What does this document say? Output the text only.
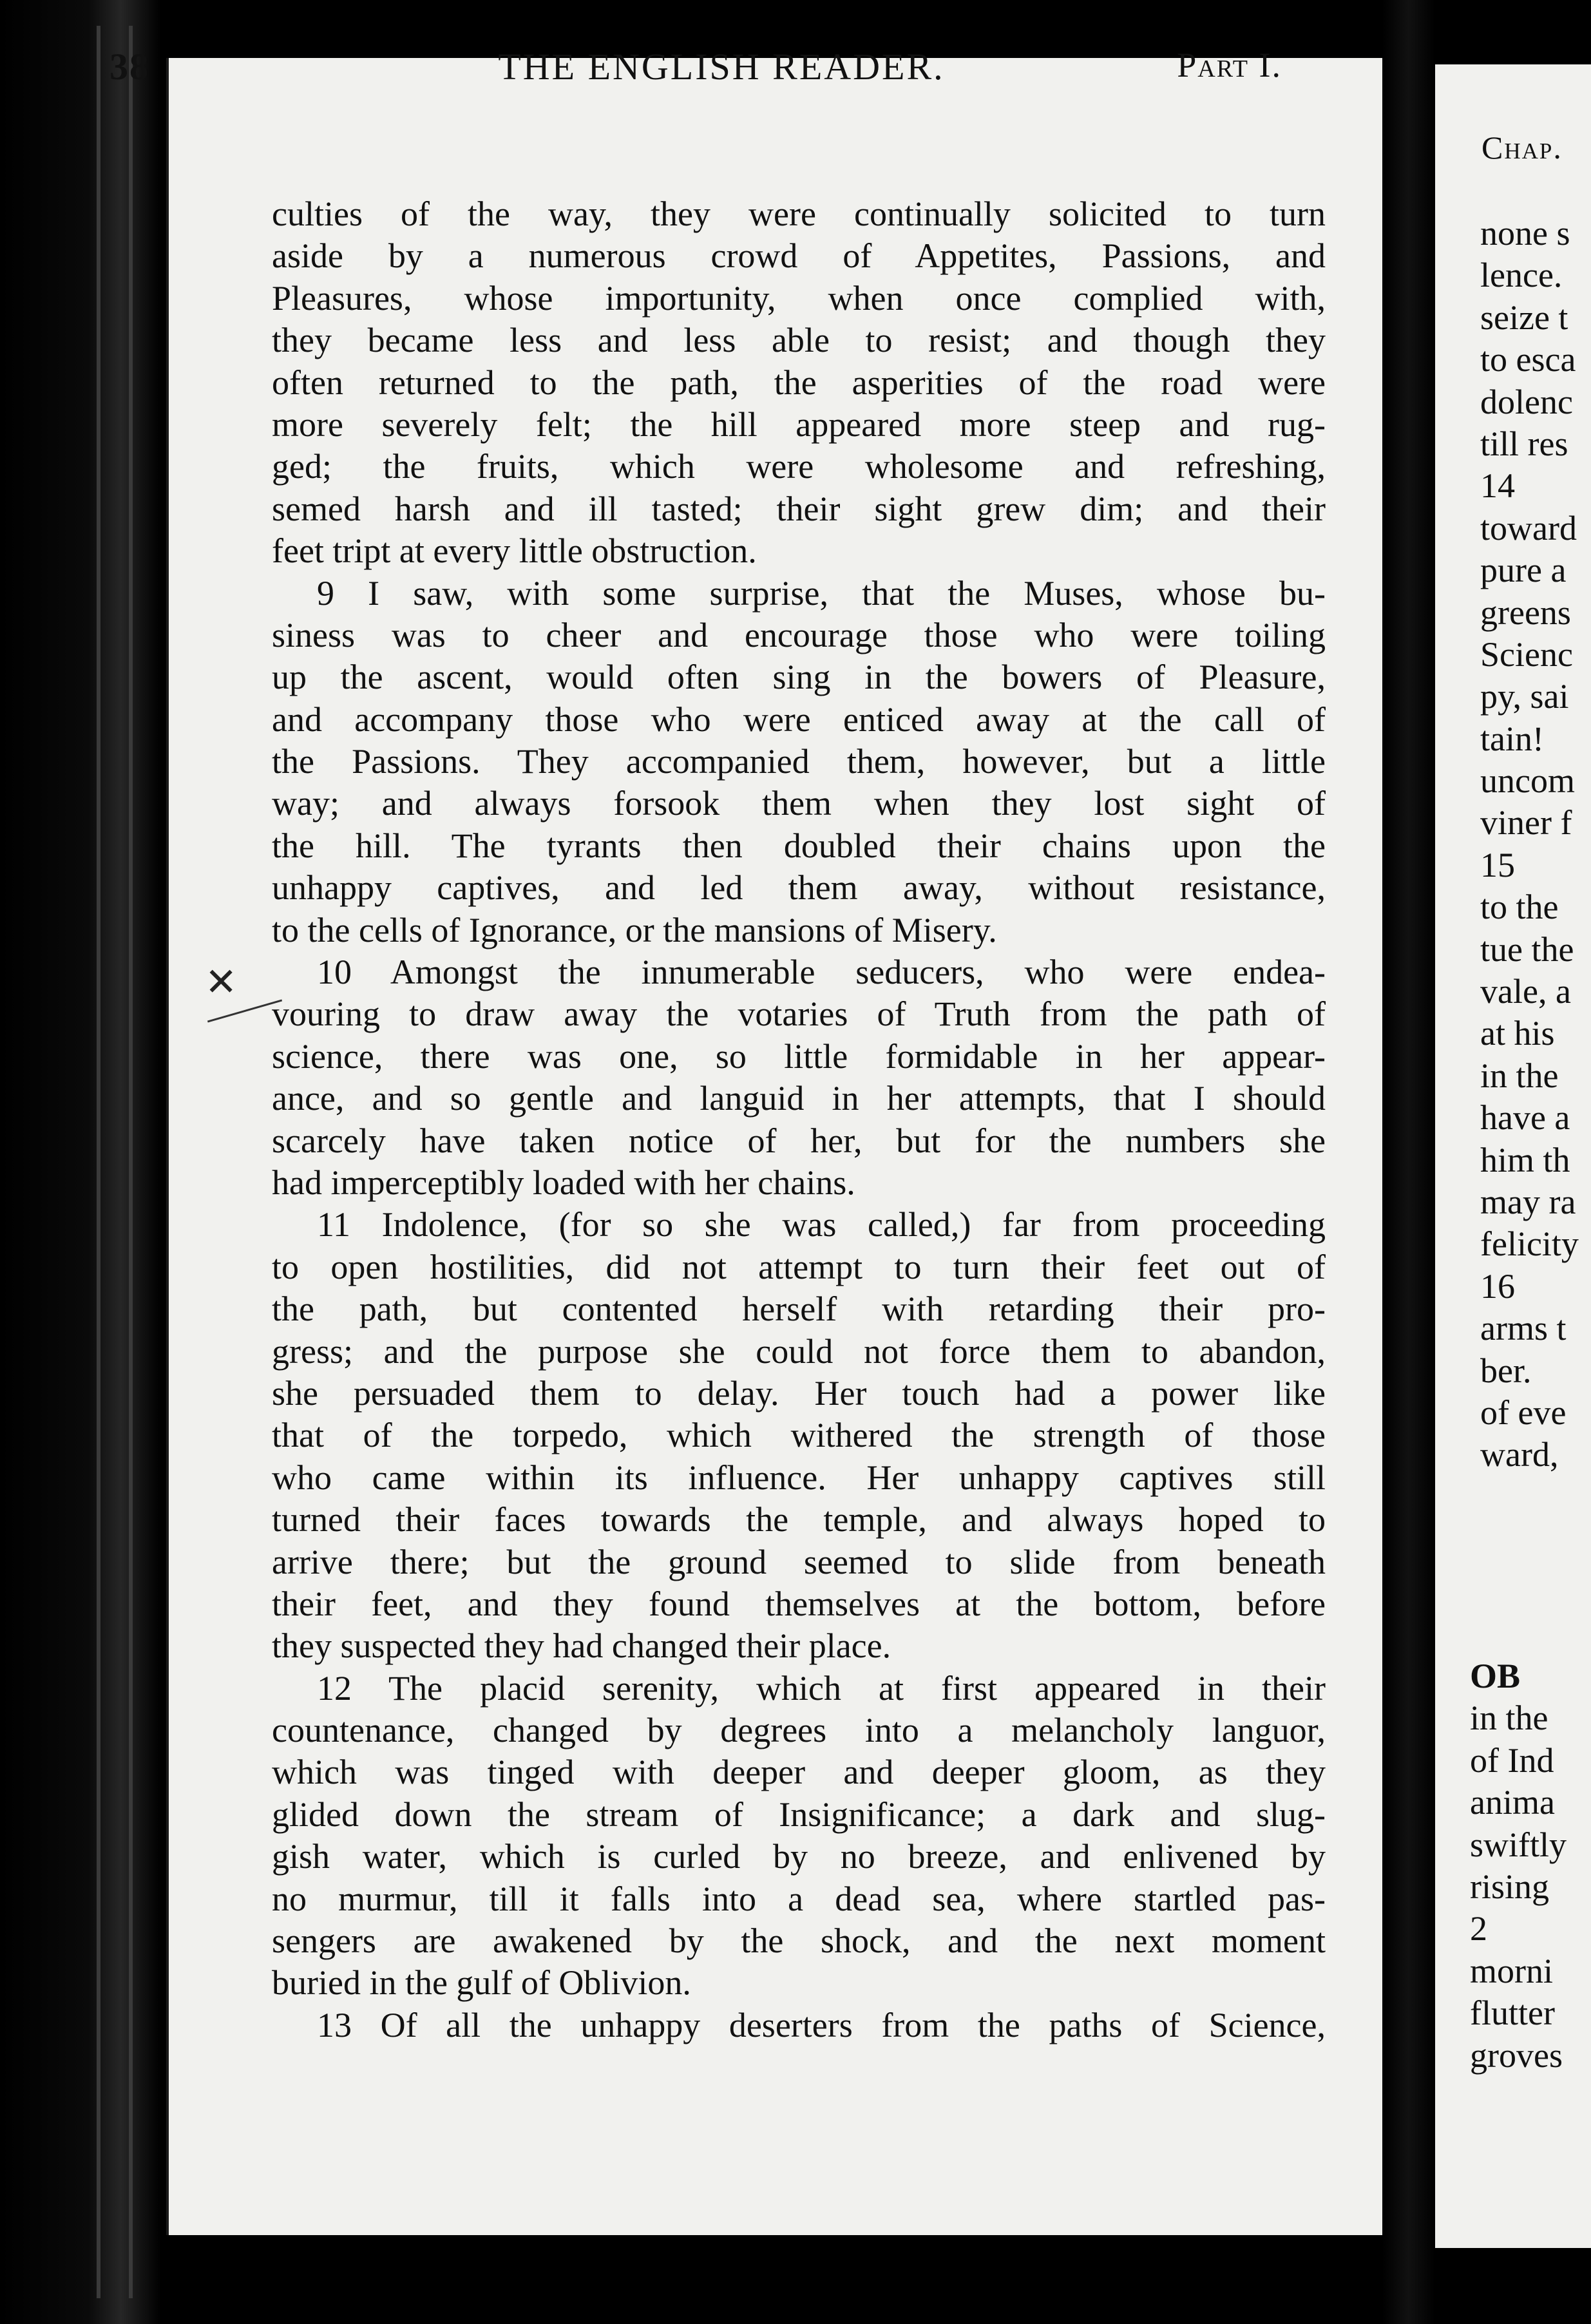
38	THE ENGLISH READER.	Part I.
✕
culties of the way, they were continually solicited to turn
aside by a numerous crowd of Appetites, Passions, and
Pleasures, whose importunity, when once complied with,
they became less and less able to resist; and though they
often returned to the path, the asperities of the road were
more severely felt; the hill appeared more steep and rug-
ged; the fruits, which were wholesome and refreshing,
semed harsh and ill tasted; their sight grew dim; and their
feet tript at every little obstruction.
9 I saw, with some surprise, that the Muses, whose bu-
siness was to cheer and encourage those who were toiling
up the ascent, would often sing in the bowers of Pleasure,
and accompany those who were enticed away at the call of
the Passions. They accompanied them, however, but a little
way; and always forsook them when they lost sight of
the hill. The tyrants then doubled their chains upon the
unhappy captives, and led them away, without resistance,
to the cells of Ignorance, or the mansions of Misery.
10 Amongst the innumerable seducers, who were endea-
vouring to draw away the votaries of Truth from the path of
science, there was one, so little formidable in her appear-
ance, and so gentle and languid in her attempts, that I should
scarcely have taken notice of her, but for the numbers she
had imperceptibly loaded with her chains.
11 Indolence, (for so she was called,) far from proceeding
to open hostilities, did not attempt to turn their feet out of
the path, but contented herself with retarding their pro-
gress; and the purpose she could not force them to abandon,
she persuaded them to delay. Her touch had a power like
that of the torpedo, which withered the strength of those
who came within its influence. Her unhappy captives still
turned their faces towards the temple, and always hoped to
arrive there; but the ground seemed to slide from beneath
their feet, and they found themselves at the bottom, before
they suspected they had changed their place.
12 The placid serenity, which at first appeared in their
countenance, changed by degrees into a melancholy languor,
which was tinged with deeper and deeper gloom, as they
glided down the stream of Insignificance; a dark and slug-
gish water, which is curled by no breeze, and enlivened by
no murmur, till it falls into a dead sea, where startled pas-
sengers are awakened by the shock, and the next moment
buried in the gulf of Oblivion.
13 Of all the unhappy deserters from the paths of Science,
Chap.
none s
lence.
seize t
to esca
dolenc
till res
14
toward
pure a
greens
Scienc
py, sai
tain!
uncom
viner f
15
to the
tue the
vale, a
at his
in the
have a
him th
may ra
felicity
16
arms t
ber.
of eve
ward,
OB
in the
of Ind
anima
swiftly
rising
2
morni
flutter
groves
